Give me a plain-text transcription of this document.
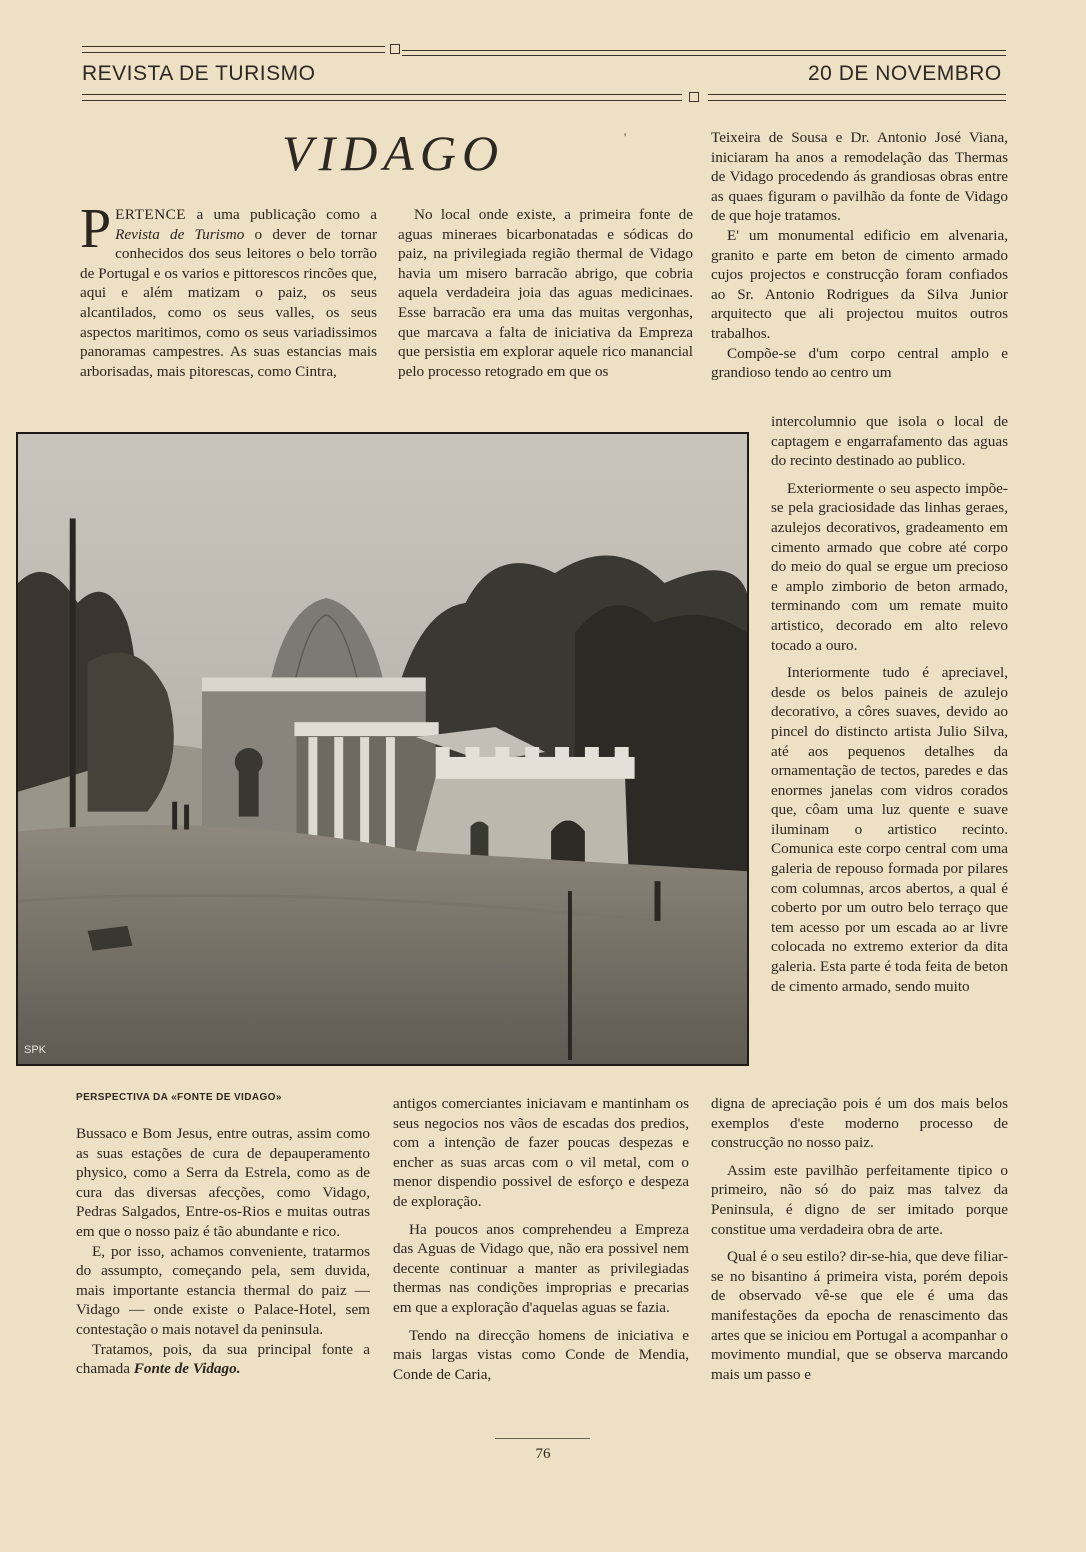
REVISTA DE TURISMO	20 DE NOVEMBRO
VIDAGO	'

PERTENCE a uma publicação como a Revista de Turismo o dever de tornar conhecidos dos seus leitores o belo torrão de Portugal e os varios e pittorescos rincões que, aqui e além matizam o paiz, os seus alcantilados, como os seus valles, os seus aspectos maritimos, como os seus variadissimos panoramas campestres. As suas estancias mais arborisadas, mais pitorescas, como Cintra,

No local onde existe, a primeira fonte de aguas mineraes bicarbonatadas e sódicas do paiz, na privilegiada região thermal de Vidago havia um misero barracão abrigo, que cobria aquela verdadeira joia das aguas medicinaes. Esse barracão era uma das muitas vergonhas, que marcava a falta de iniciativa da Empreza que persistia em explorar aquele rico manancial pelo processo retogrado em que os

Teixeira de Sousa e Dr. Antonio José Viana, iniciaram ha anos a remodelação das Thermas de Vidago procedendo ás grandiosas obras entre as quaes figuram o pavilhão da fonte de Vidago de que hoje tratamos.

E' um monumental edificio em alvenaria, granito e parte em beton de cimento armado cujos projectos e construcção foram confiados ao Sr. Antonio Rodrigues da Silva Junior arquitecto que ali projectou muitos outros trabalhos.

Compõe-se d'um corpo central amplo e grandioso tendo ao centro um

intercolumnio que isola o local de captagem e engarrafamento das aguas do recinto destinado ao publico.

Exteriormente o seu aspecto impõe-se pela graciosidade das linhas geraes, azulejos decorativos, gradeamento em cimento armado que cobre até corpo do meio do qual se ergue um precioso e amplo zimborio de beton armado, terminando com um remate muito artistico, decorado em alto relevo tocado a ouro.

Interiormente tudo é apreciavel, desde os belos paineis de azulejo decorativo, a côres suaves, devido ao pincel do distincto artista Julio Silva, até aos pequenos detalhes da ornamentação de tectos, paredes e das enormes janelas com vidros corados que, côam uma luz quente e suave iluminam o artistico recinto. Comunica este corpo central com uma galeria de repouso formada por pilares com columnas, arcos abertos, a qual é coberto por um outro belo terraço que tem acesso por um escada ao ar livre colocada no extremo exterior da dita galeria. Esta parte é toda feita de beton de cimento armado, sendo muito

SPK
PERSPECTIVA DA «FONTE DE VIDAGO»

Bussaco e Bom Jesus, entre outras, assim como as suas estações de cura de depauperamento physico, como a Serra da Estrela, como as de cura das diversas afecções, como Vidago, Pedras Salgados, Entre-os-Rios e muitas outras em que o nosso paiz é tão abundante e rico.

E, por isso, achamos conveniente, tratarmos do assumpto, começando pela, sem duvida, mais importante estancia thermal do paiz — Vidago — onde existe o Palace-Hotel, sem contestação o mais notavel da peninsula.

Tratamos, pois, da sua principal fonte a chamada Fonte de Vidago.

antigos comerciantes iniciavam e mantinham os seus negocios nos vãos de escadas dos predios, com a intenção de fazer poucas despezas e encher as suas arcas com o vil metal, com o menor dispendio possivel de esforço e despeza de exploração.

Ha poucos anos comprehendeu a Empreza das Aguas de Vidago que, não era possivel nem decente continuar a manter as privilegiadas thermas nas condições improprias e precarias em que a exploração d'aquelas aguas se fazia.

Tendo na direcção homens de iniciativa e mais largas vistas como Conde de Mendia, Conde de Caria,

digna de apreciação pois é um dos mais belos exemplos d'este moderno processo de construcção no nosso paiz.

Assim este pavilhão perfeitamente tipico o primeiro, não só do paiz mas talvez da Peninsula, é digno de ser imitado porque constitue uma verdadeira obra de arte.

Qual é o seu estilo? dir-se-hia, que deve filiar-se no bisantino á primeira vista, porém depois de observado vê-se que ele é uma das manifestações da epocha de renascimento das artes que se iniciou em Portugal a acompanhar o movimento mundial, que se observa marcando mais um passo e

76
